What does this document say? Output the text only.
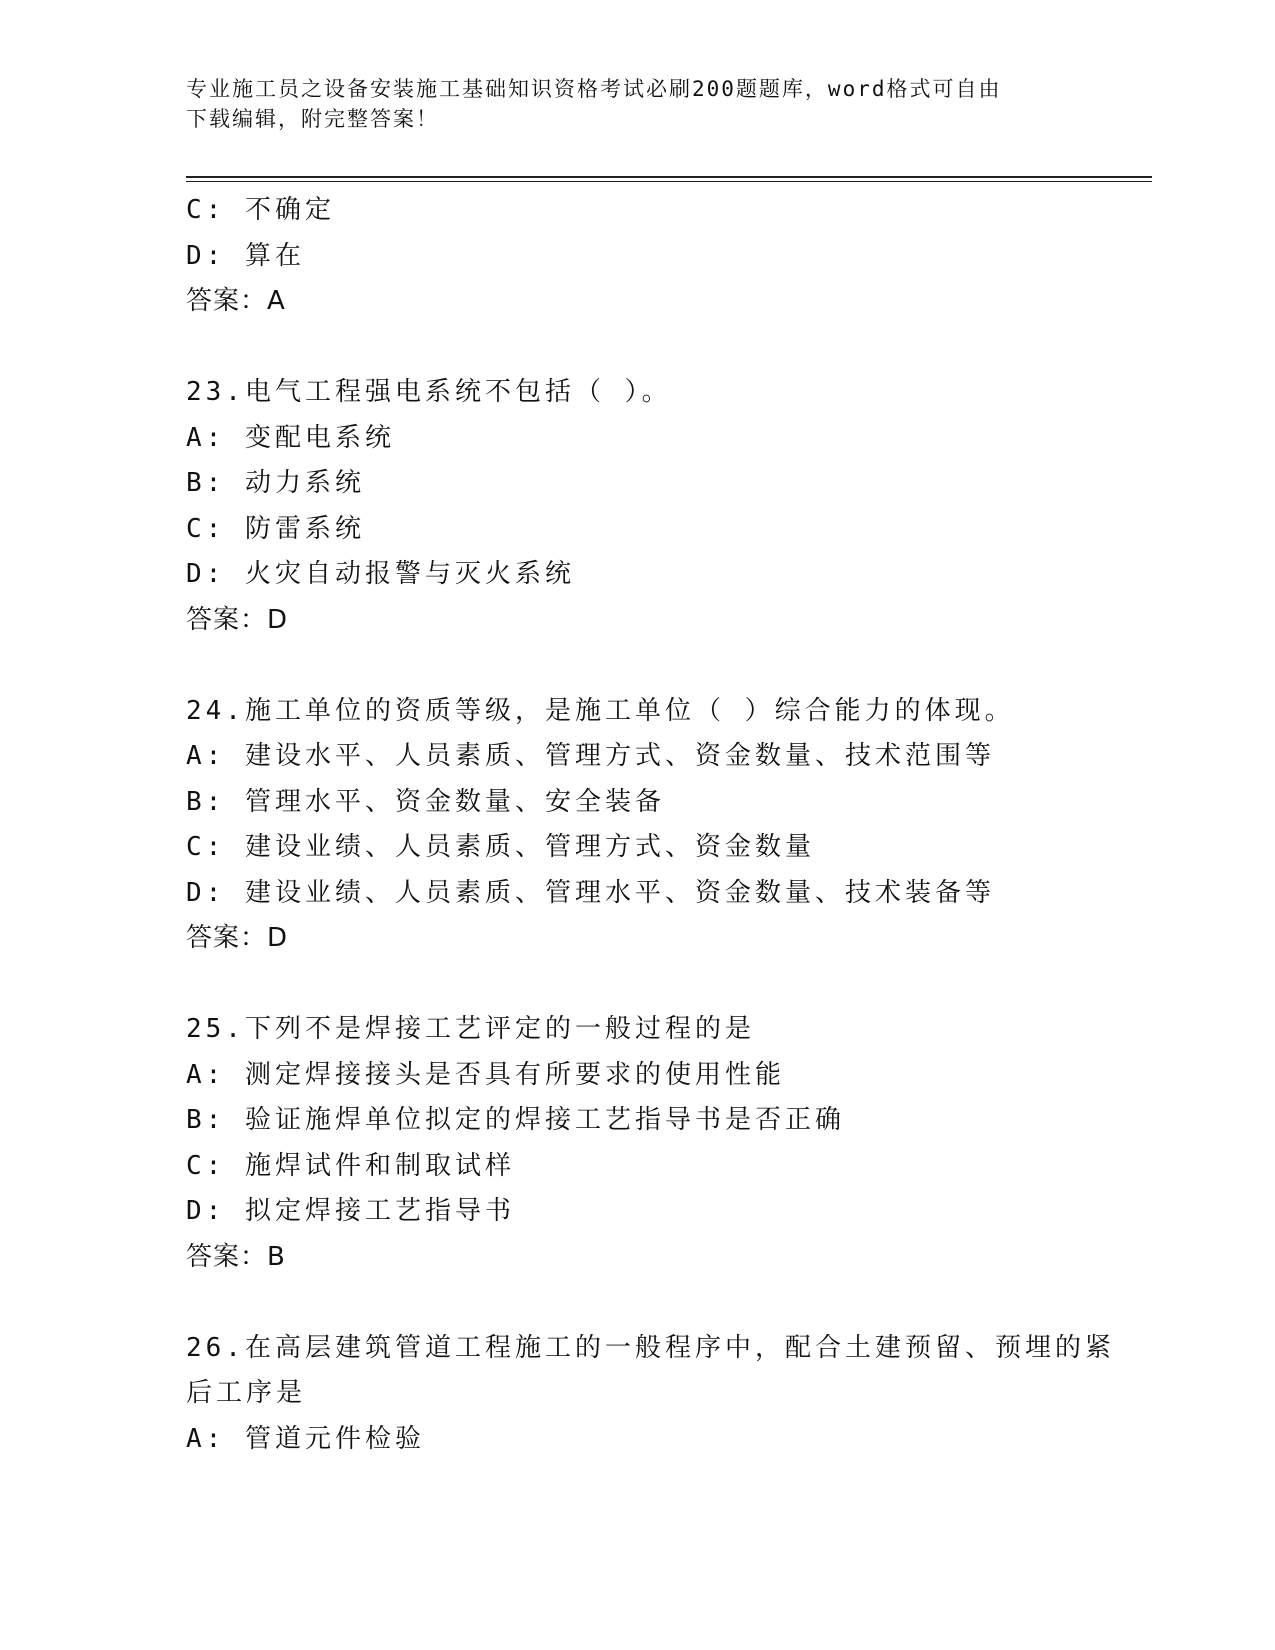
专业施工员之设备安装施工基础知识资格考试必刷200题题库，word格式可自由
下载编辑，附完整答案！
C: 不确定
D: 算在
答案：A
23.电气工程强电系统不包括（ ）。
A: 变配电系统
B: 动力系统
C: 防雷系统
D: 火灾自动报警与灭火系统
答案：D
24.施工单位的资质等级，是施工单位（ ）综合能力的体现。
A: 建设水平、人员素质、管理方式、资金数量、技术范围等
B: 管理水平、资金数量、安全装备
C: 建设业绩、人员素质、管理方式、资金数量
D: 建设业绩、人员素质、管理水平、资金数量、技术装备等
答案：D
25.下列不是焊接工艺评定的一般过程的是
A: 测定焊接接头是否具有所要求的使用性能
B: 验证施焊单位拟定的焊接工艺指导书是否正确
C: 施焊试件和制取试样
D: 拟定焊接工艺指导书
答案：B
26.在高层建筑管道工程施工的一般程序中，配合土建预留、预埋的紧
后工序是
A: 管道元件检验
